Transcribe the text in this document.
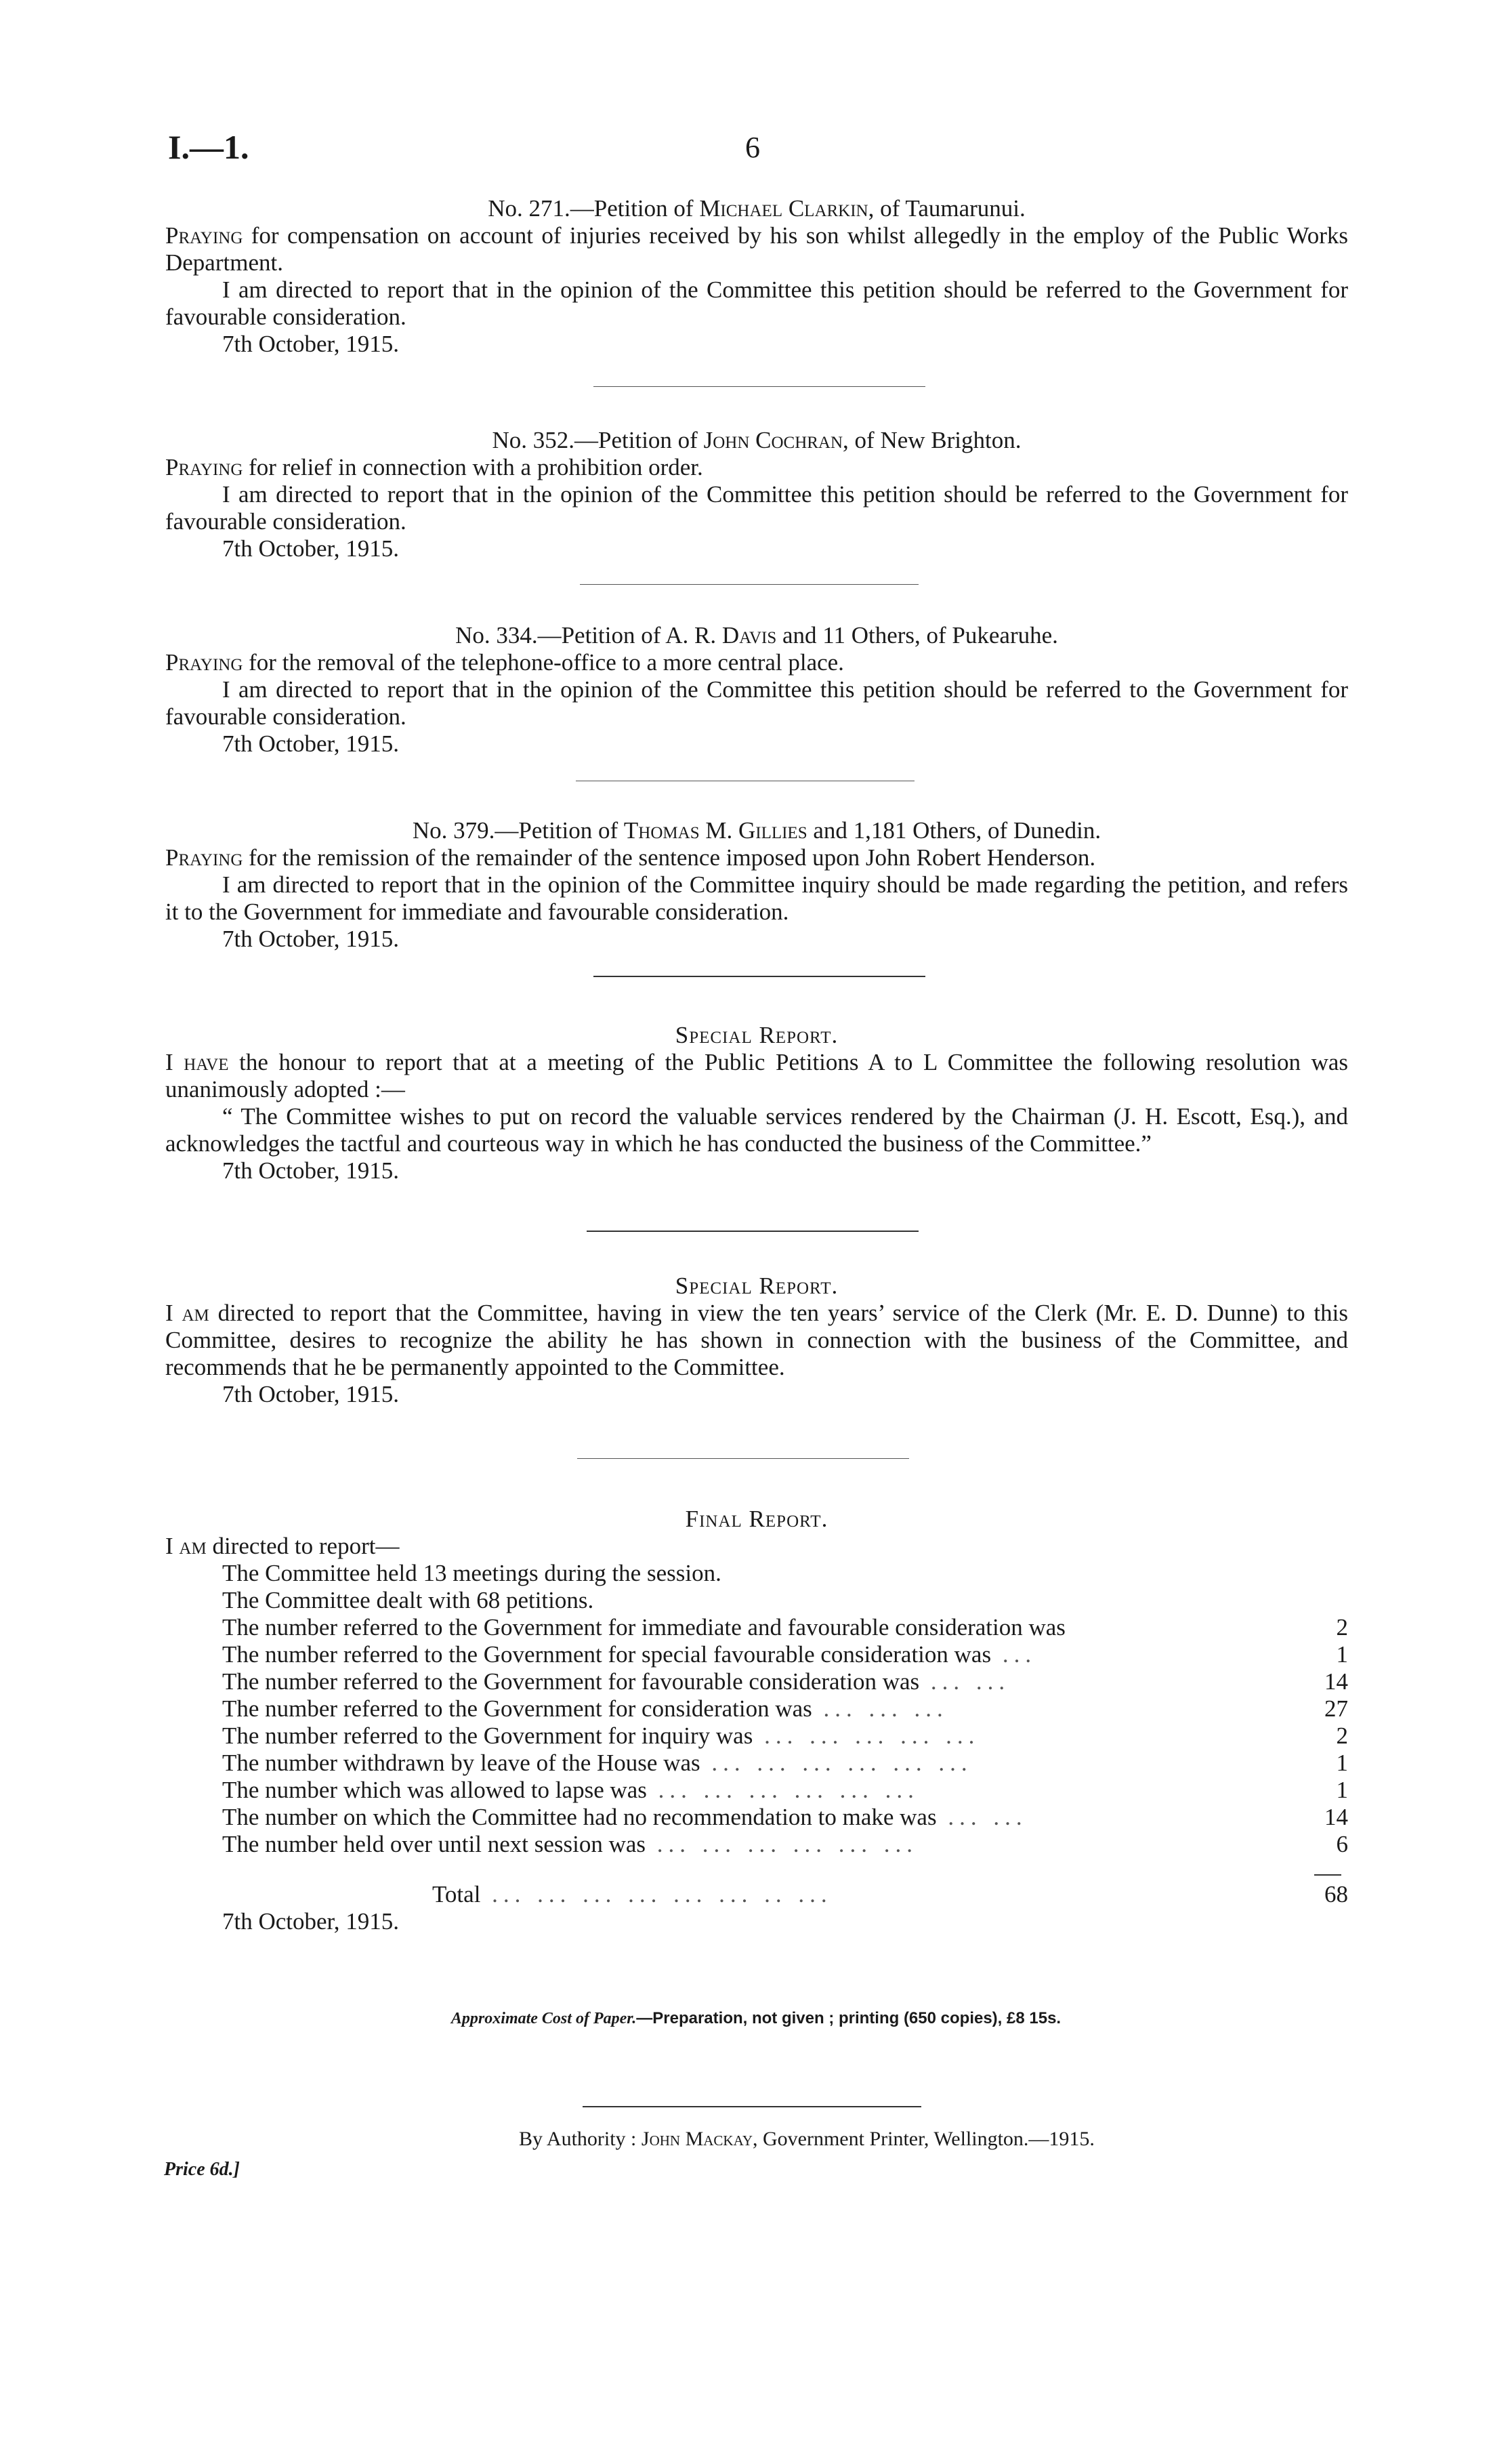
I.—1.	6
No. 271.—Petition of Michael Clarkin, of Taumarunui.

Praying for compensation on account of injuries received by his son whilst allegedly in the employ of the Public Works Department.

I am directed to report that in the opinion of the Committee this petition should be referred to the Government for favourable consideration.

7th October, 1915.

No. 352.—Petition of John Cochran, of New Brighton.

Praying for relief in connection with a prohibition order.

I am directed to report that in the opinion of the Committee this petition should be referred to the Government for favourable consideration.

7th October, 1915.

No. 334.—Petition of A. R. Davis and 11 Others, of Pukearuhe.

Praying for the removal of the telephone-office to a more central place.

I am directed to report that in the opinion of the Committee this petition should be referred to the Government for favourable consideration.

7th October, 1915.

No. 379.—Petition of Thomas M. Gillies and 1,181 Others, of Dunedin.

Praying for the remission of the remainder of the sentence imposed upon John Robert Henderson.

I am directed to report that in the opinion of the Committee inquiry should be made regarding the petition, and refers it to the Government for immediate and favourable consideration.

7th October, 1915.

Special Report.

I have the honour to report that at a meeting of the Public Petitions A to L Committee the following resolution was unanimously adopted :—

“ The Committee wishes to put on record the valuable services rendered by the Chairman (J. H. Escott, Esq.), and acknowledges the tactful and courteous way in which he has conducted the business of the Committee.”

7th October, 1915.

Special Report.

I am directed to report that the Committee, having in view the ten years’ service of the Clerk (Mr. E. D. Dunne) to this Committee, desires to recognize the ability he has shown in connection with the business of the Committee, and recommends that he be permanently appointed to the Committee.

7th October, 1915.

Final Report.

I am directed to report—

The Committee held 13 meetings during the session.
The Committee dealt with 68 petitions.
The number referred to the Government for immediate and favourable consideration was	2
The number referred to the Government for special favourable consideration was ...	1
The number referred to the Government for favourable consideration was ... ...	14
The number referred to the Government for consideration was ... ... ...	27
The number referred to the Government for inquiry was ... ... ... ... ...	2
The number withdrawn by leave of the House was ... ... ... ... ... ...	1
The number which was allowed to lapse was ... ... ... ... ... ...	1
The number on which the Committee had no recommendation to make was ... ...	14
The number held over until next session was ... ... ... ... ... ...	6
Total ... ... ... ... ... ... .. ...	68

7th October, 1915.

Approximate Cost of Paper.—Preparation, not given ; printing (650 copies), £8 15s.
By Authority : John Mackay, Government Printer, Wellington.—1915.
Price 6d.]
